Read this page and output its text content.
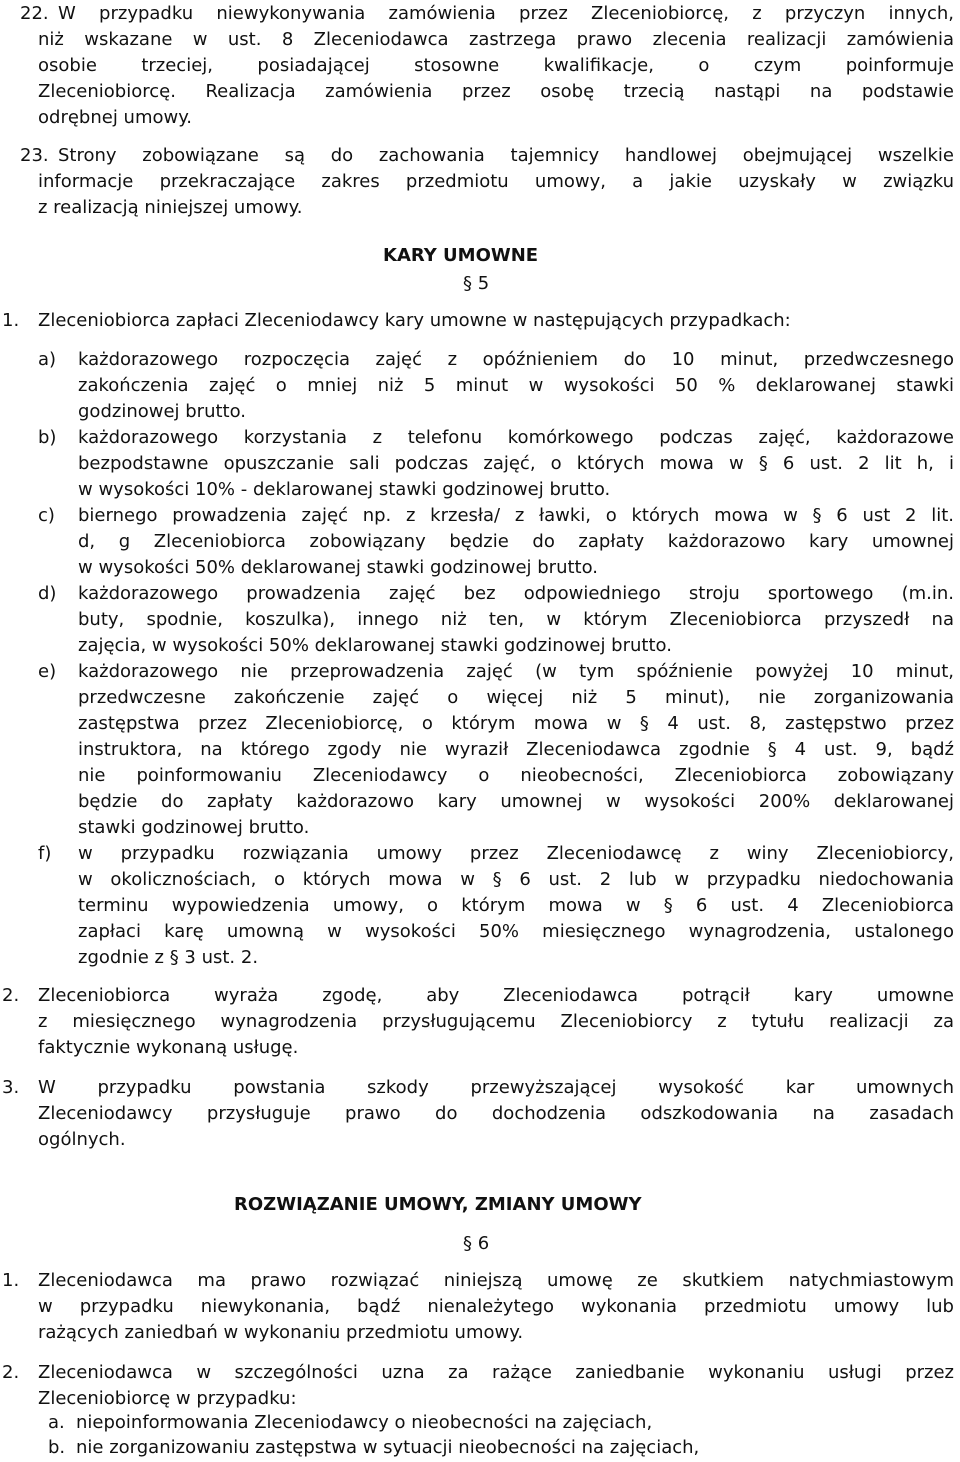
22. W przypadku niewykonywania zamówienia przez Zleceniobiorcę, z przyczyn innych,
niż wskazane w ust. 8 Zleceniodawca zastrzega prawo zlecenia realizacji zamówienia
osobie trzeciej, posiadającej stosowne kwalifikacje, o czym poinformuje
Zleceniobiorcę. Realizacja zamówienia przez osobę trzecią nastąpi na podstawie
odrębnej umowy.
23. Strony zobowiązane są do zachowania tajemnicy handlowej obejmującej wszelkie
informacje przekraczające zakres przedmiotu umowy, a jakie uzyskały w związku
z realizacją niniejszej umowy.
KARY UMOWNE
§ 5
1. Zleceniobiorca zapłaci Zleceniodawcy kary umowne w następujących przypadkach:
a) każdorazowego rozpoczęcia zajęć z opóźnieniem do 10 minut, przedwczesnego
zakończenia zajęć o mniej niż 5 minut w wysokości 50 % deklarowanej stawki
godzinowej brutto.
b) każdorazowego korzystania z telefonu komórkowego podczas zajęć, każdorazowe
bezpodstawne opuszczanie sali podczas zajęć, o których mowa w § 6 ust. 2 lit h, i
w wysokości 10% - deklarowanej stawki godzinowej brutto.
c) biernego prowadzenia zajęć np. z krzesła/ z ławki, o których mowa w § 6 ust 2 lit.
d, g Zleceniobiorca zobowiązany będzie do zapłaty każdorazowo kary umownej
w wysokości 50% deklarowanej stawki godzinowej brutto.
d) każdorazowego prowadzenia zajęć bez odpowiedniego stroju sportowego (m.in.
buty, spodnie, koszulka), innego niż ten, w którym Zleceniobiorca przyszedł na
zajęcia, w wysokości 50% deklarowanej stawki godzinowej brutto.
e) każdorazowego nie przeprowadzenia zajęć (w tym spóźnienie powyżej 10 minut,
przedwczesne zakończenie zajęć o więcej niż 5 minut), nie zorganizowania
zastępstwa przez Zleceniobiorcę, o którym mowa w § 4 ust. 8, zastępstwo przez
instruktora, na którego zgody nie wyraził Zleceniodawca zgodnie § 4 ust. 9, bądź
nie poinformowaniu Zleceniodawcy o nieobecności, Zleceniobiorca zobowiązany
będzie do zapłaty każdorazowo kary umownej w wysokości 200% deklarowanej
stawki godzinowej brutto.
f) w przypadku rozwiązania umowy przez Zleceniodawcę z winy Zleceniobiorcy,
w okolicznościach, o których mowa w § 6 ust. 2 lub w przypadku niedochowania
terminu wypowiedzenia umowy, o którym mowa w § 6 ust. 4 Zleceniobiorca
zapłaci karę umowną w wysokości 50% miesięcznego wynagrodzenia, ustalonego
zgodnie z § 3 ust. 2.
2. Zleceniobiorca wyraża zgodę, aby Zleceniodawca potrącił kary umowne
z miesięcznego wynagrodzenia przysługującemu Zleceniobiorcy z tytułu realizacji za
faktycznie wykonaną usługę.
3. W przypadku powstania szkody przewyższającej wysokość kar umownych
Zleceniodawcy przysługuje prawo do dochodzenia odszkodowania na zasadach
ogólnych.
ROZWIĄZANIE UMOWY, ZMIANY UMOWY
§ 6
1. Zleceniodawca ma prawo rozwiązać niniejszą umowę ze skutkiem natychmiastowym
w przypadku niewykonania, bądź nienależytego wykonania przedmiotu umowy lub
rażących zaniedbań w wykonaniu przedmiotu umowy.
2. Zleceniodawca w szczególności uzna za rażące zaniedbanie wykonaniu usługi przez
Zleceniobiorcę w przypadku:
a. niepoinformowania Zleceniodawcy o nieobecności na zajęciach,
b. nie zorganizowaniu zastępstwa w sytuacji nieobecności na zajęciach,
